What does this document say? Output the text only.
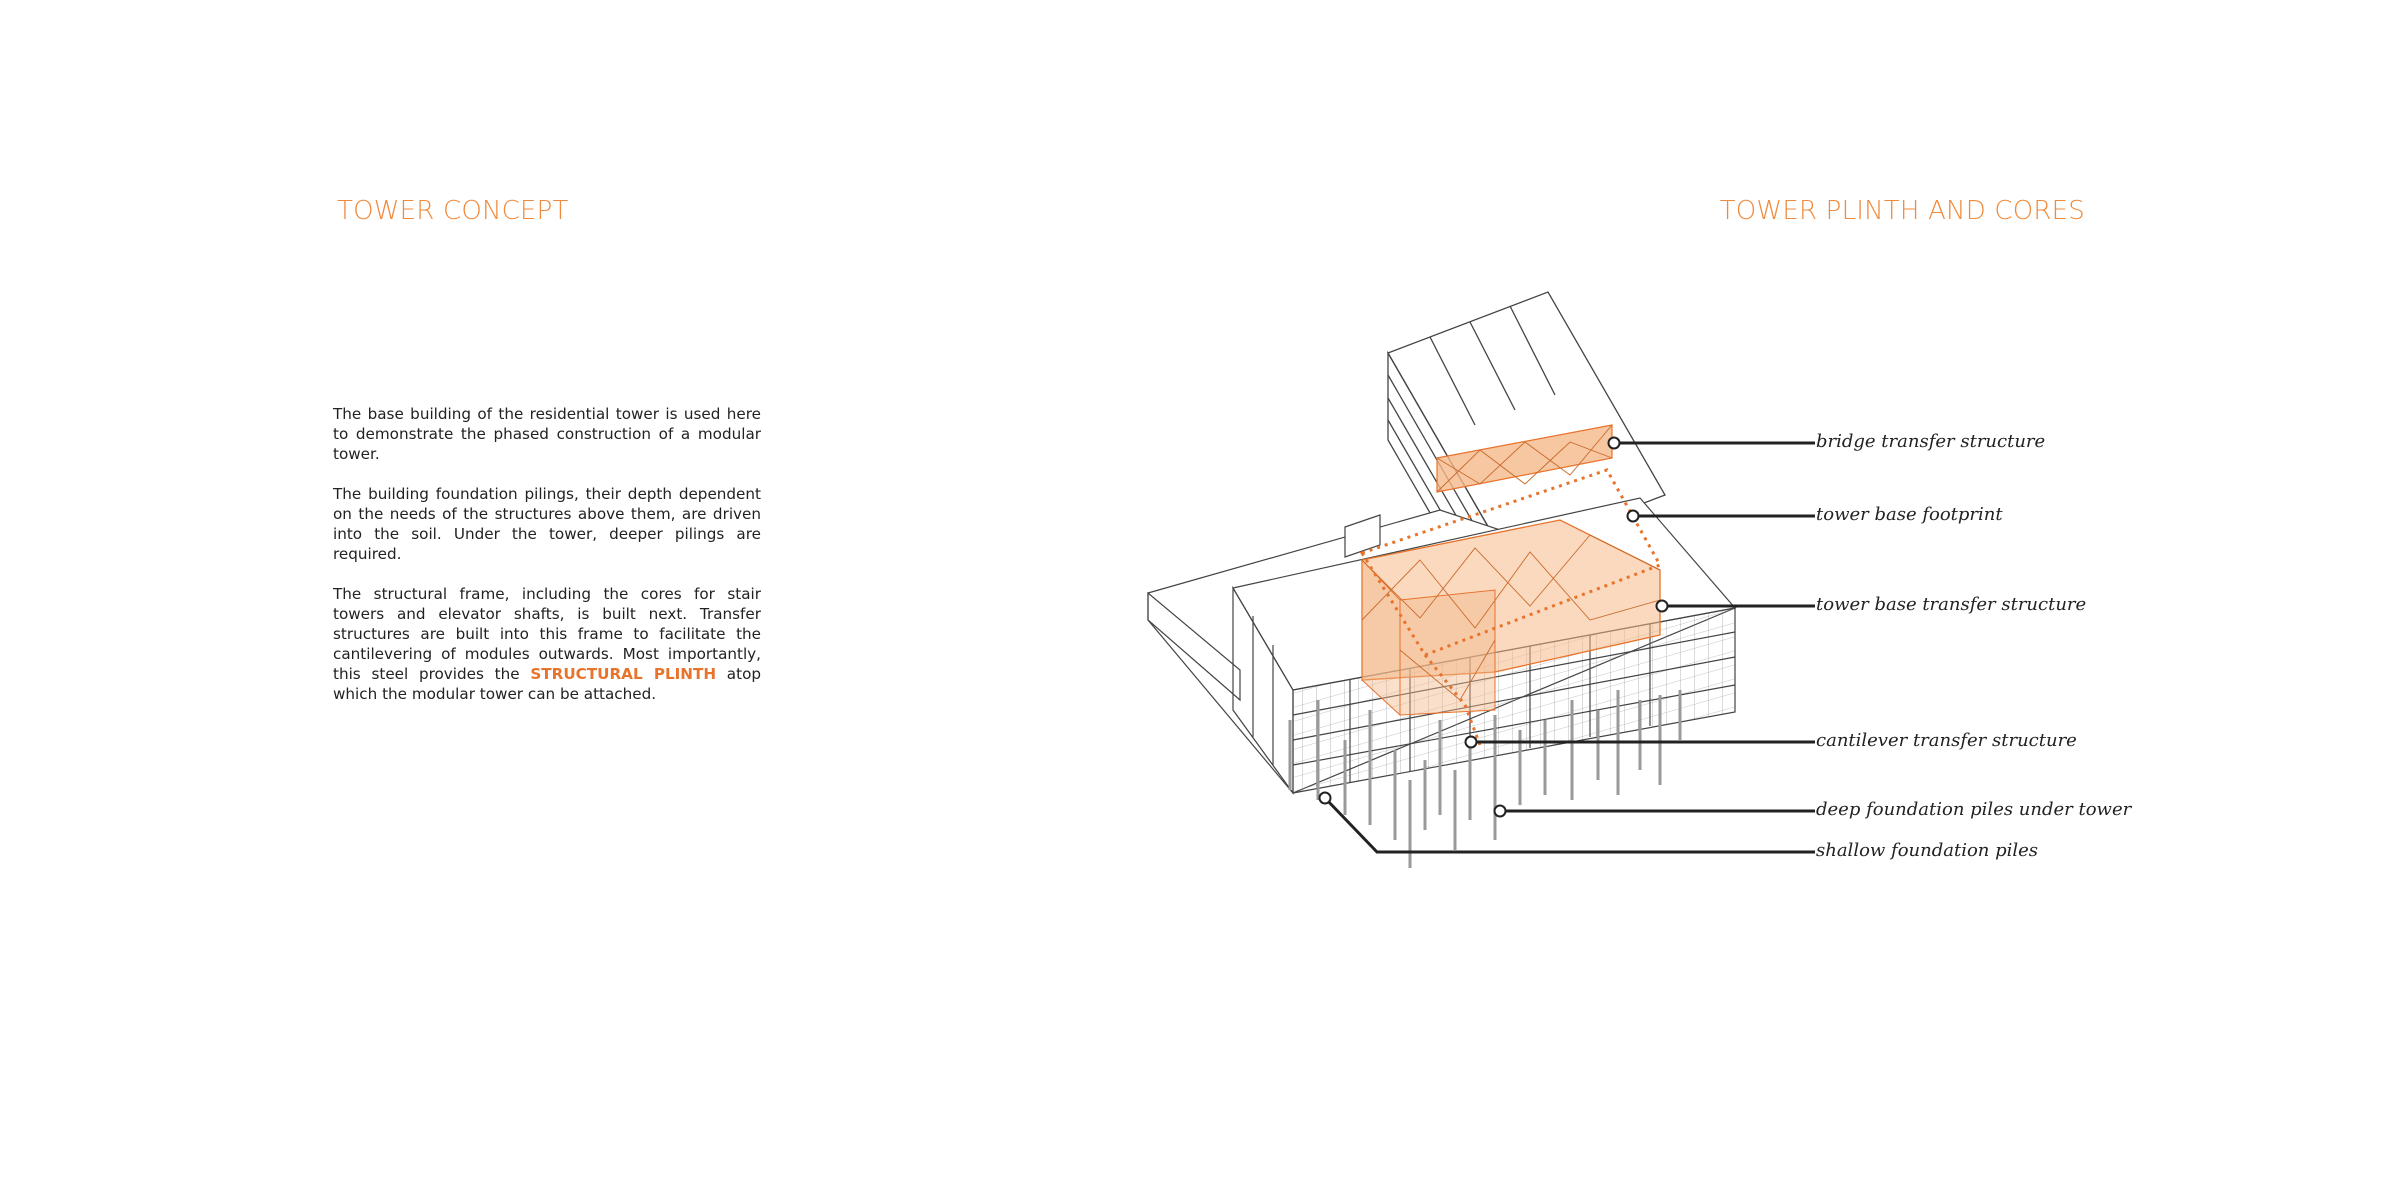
TOWER CONCEPT	TOWER PLINTH AND CORES

The base building of the residential tower is used here to demonstrate the phased construction of a modular tower.

The building foundation pilings, their depth dependent on the needs of the structures above them, are driven into the soil. Under the tower, deeper pilings are required.

The structural frame, including the cores for stair towers and elevator shafts, is built next. Transfer structures are built into this frame to facilitate the cantilevering of modules outwards. Most importantly, this steel provides the STRUCTURAL PLINTH atop which the modular tower can be attached.

bridge transfer structure
tower base footprint
tower base transfer structure
cantilever transfer structure
deep foundation piles under tower
shallow foundation piles
